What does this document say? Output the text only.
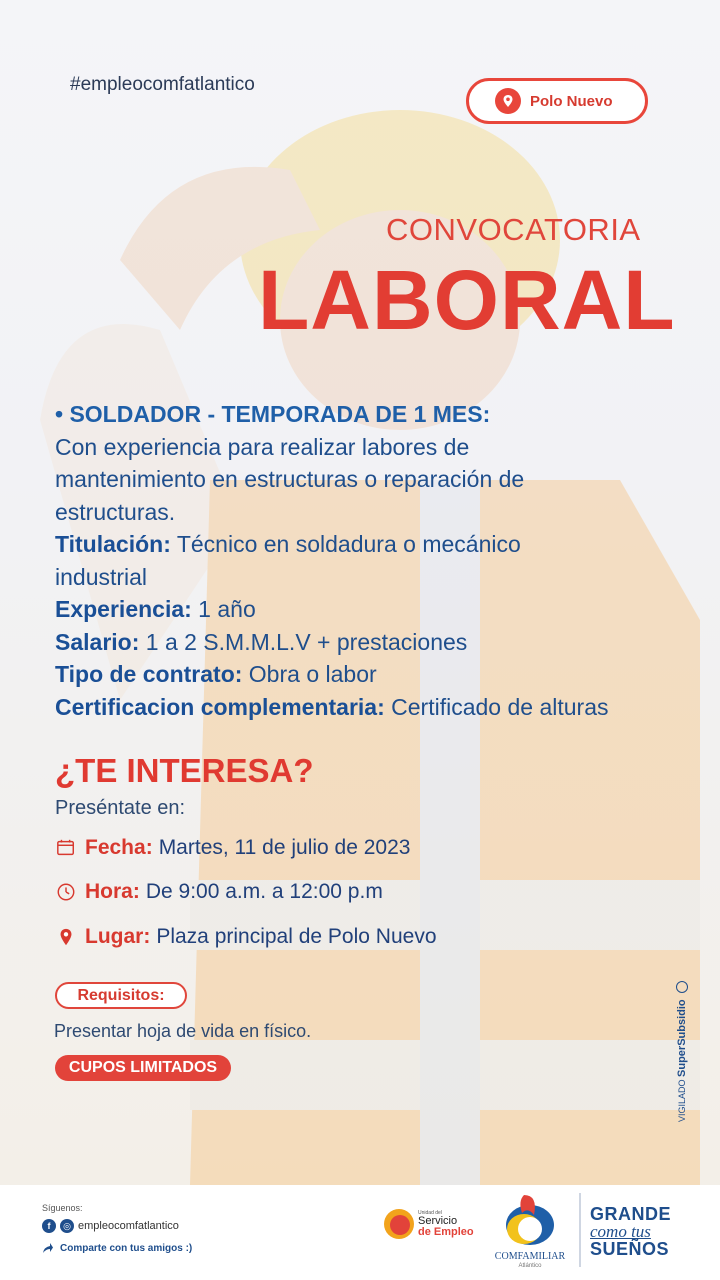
#empleocomfatlantico
Polo Nuevo
CONVOCATORIA
LABORAL
• SOLDADOR - TEMPORADA DE 1 MES:
Con experiencia para realizar labores de
mantenimiento en estructuras o reparación de
estructuras.
Titulación: Técnico en soldadura o mecánico
industrial
Experiencia: 1 año
Salario: 1 a 2 S.M.M.L.V + prestaciones
Tipo de contrato: Obra o labor
Certificacion complementaria: Certificado de alturas
¿TE INTERESA?
Preséntate en:
Fecha: Martes, 11 de julio de 2023
Hora: De 9:00 a.m. a 12:00 p.m
Lugar: Plaza principal de Polo Nuevo
Requisitos:
Presentar hoja de vida en físico.
CUPOS LIMITADOS
VIGILADO

SuperSubsidio
Síguenos:
f	◎ empleocomfatlantico
Comparte con tus amigos :)
Unidad del
Servicio
de Empleo
COMFAMILIAR
Atlántico
GRANDE
como tus
SUEÑOS
